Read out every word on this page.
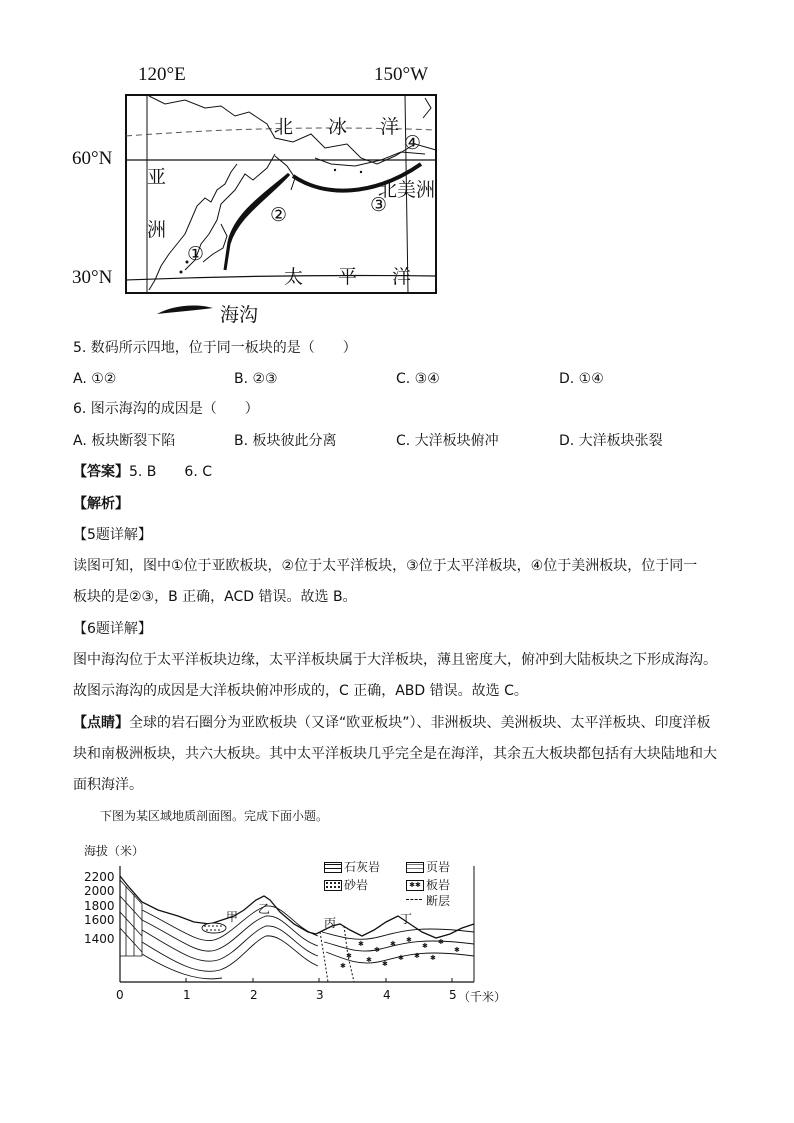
120°E	150°W
60°N
30°N
北 冰 洋
亚
洲
北美洲
太 平 洋
①
②	③
④
海沟
5. 数码所示四地，位于同一板块的是（　　）
A. ①②	B. ②③	C. ③④	D. ①④
6. 图示海沟的成因是（　　）
A. 板块断裂下陷	B. 板块彼此分离	C. 大洋板块俯冲	D. 大洋板块张裂
【答案】5. B　　6. C
【解析】
【5题详解】
读图可知，图中①位于亚欧板块，②位于太平洋板块，③位于太平洋板块，④位于美洲板块，位于同一
板块的是②③，B 正确，ACD 错误。故选 B。
【6题详解】
图中海沟位于太平洋板块边缘，太平洋板块属于大洋板块，薄且密度大，俯冲到大陆板块之下形成海沟。
故图示海沟的成因是大洋板块俯冲形成的，C 正确，ABD 错误。故选 C。
【点睛】全球的岩石圈分为亚欧板块（又译“欧亚板块”）、非洲板块、美洲板块、太平洋板块、印度洋板
块和南极洲板块，共六大板块。其中太平洋板块几乎完全是在海洋，其余五大板块都包括有大块陆地和大
面积海洋。
下图为某区域地质剖面图。完成下面小题。
海拔（米）
2200
2000
1800
1600
1400	✱
✱
✱ ✱
✱ ✱
✱ ✱
✱ ✱ ✱
✱
✱
✱
甲
乙
丙	丁
石灰岩	页岩
砂岩	✱✱ 板岩
断层
0	1	2	3	4	5 （千米）
